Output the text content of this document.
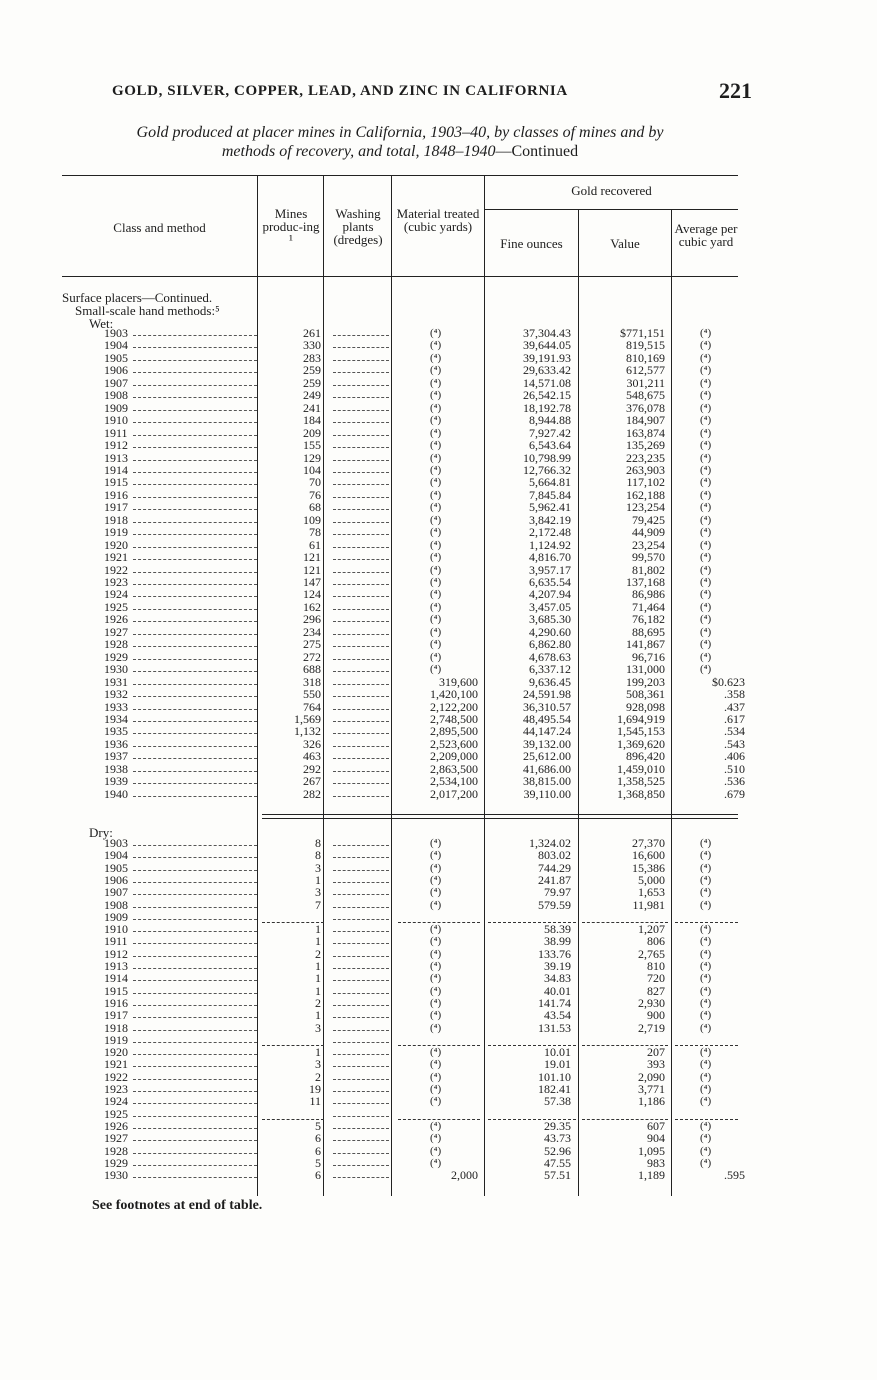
GOLD, SILVER, COPPER, LEAD, AND ZINC IN CALIFORNIA	221
Gold produced at placer mines in California, 1903–40, by classes of mines and by
methods of recovery, and total, 1848–1940—Continued
Class and method
Mines produc-ing ¹
Washing plants (dredges)
Material treated (cubic yards)
Gold recovered
Fine ounces	Value
Average per cubic yard
Surface placers—Continued.
Small-scale hand methods:⁵
Wet:
Dry:
1903	261	(⁴)	37,304.43	$771,151	(⁴)
1904	330	(⁴)	39,644.05	819,515	(⁴)
1905	283	(⁴)	39,191.93	810,169	(⁴)
1906	259	(⁴)	29,633.42	612,577	(⁴)
1907	259	(⁴)	14,571.08	301,211	(⁴)
1908	249	(⁴)	26,542.15	548,675	(⁴)
1909	241	(⁴)	18,192.78	376,078	(⁴)
1910	184	(⁴)	8,944.88	184,907	(⁴)
1911	209	(⁴)	7,927.42	163,874	(⁴)
1912	155	(⁴)	6,543.64	135,269	(⁴)
1913	129	(⁴)	10,798.99	223,235	(⁴)
1914	104	(⁴)	12,766.32	263,903	(⁴)
1915	70	(⁴)	5,664.81	117,102	(⁴)
1916	76	(⁴)	7,845.84	162,188	(⁴)
1917	68	(⁴)	5,962.41	123,254	(⁴)
1918	109	(⁴)	3,842.19	79,425	(⁴)
1919	78	(⁴)	2,172.48	44,909	(⁴)
1920	61	(⁴)	1,124.92	23,254	(⁴)
1921	121	(⁴)	4,816.70	99,570	(⁴)
1922	121	(⁴)	3,957.17	81,802	(⁴)
1923	147	(⁴)	6,635.54	137,168	(⁴)
1924	124	(⁴)	4,207.94	86,986	(⁴)
1925	162	(⁴)	3,457.05	71,464	(⁴)
1926	296	(⁴)	3,685.30	76,182	(⁴)
1927	234	(⁴)	4,290.60	88,695	(⁴)
1928	275	(⁴)	6,862.80	141,867	(⁴)
1929	272	(⁴)	4,678.63	96,716	(⁴)
1930	688	(⁴)	6,337.12	131,000	(⁴)
1931	318	319,600	9,636.45	199,203	$0.623
1932	550	1,420,100	24,591.98	508,361	.358
1933	764	2,122,200	36,310.57	928,098	.437
1934	1,569	2,748,500	48,495.54	1,694,919	.617
1935	1,132	2,895,500	44,147.24	1,545,153	.534
1936	326	2,523,600	39,132.00	1,369,620	.543
1937	463	2,209,000	25,612.00	896,420	.406
1938	292	2,863,500	41,686.00	1,459,010	.510
1939	267	2,534,100	38,815.00	1,358,525	.536
1940	282	2,017,200	39,110.00	1,368,850	.679
1903	8	(⁴)	1,324.02	27,370	(⁴)
1904	8	(⁴)	803.02	16,600	(⁴)
1905	3	(⁴)	744.29	15,386	(⁴)
1906	1	(⁴)	241.87	5,000	(⁴)
1907	3	(⁴)	79.97	1,653	(⁴)
1908	7	(⁴)	579.59	11,981	(⁴)
1909
1910	1	(⁴)	58.39	1,207	(⁴)
1911	1	(⁴)	38.99	806	(⁴)
1912	2	(⁴)	133.76	2,765	(⁴)
1913	1	(⁴)	39.19	810	(⁴)
1914	1	(⁴)	34.83	720	(⁴)
1915	1	(⁴)	40.01	827	(⁴)
1916	2	(⁴)	141.74	2,930	(⁴)
1917	1	(⁴)	43.54	900	(⁴)
1918	3	(⁴)	131.53	2,719	(⁴)
1919
1920	1	(⁴)	10.01	207	(⁴)
1921	3	(⁴)	19.01	393	(⁴)
1922	2	(⁴)	101.10	2,090	(⁴)
1923	19	(⁴)	182.41	3,771	(⁴)
1924	11	(⁴)	57.38	1,186	(⁴)
1925
1926	5	(⁴)	29.35	607	(⁴)
1927	6	(⁴)	43.73	904	(⁴)
1928	6	(⁴)	52.96	1,095	(⁴)
1929	5	(⁴)	47.55	983	(⁴)
1930	6	2,000	57.51	1,189	.595
See footnotes at end of table.
